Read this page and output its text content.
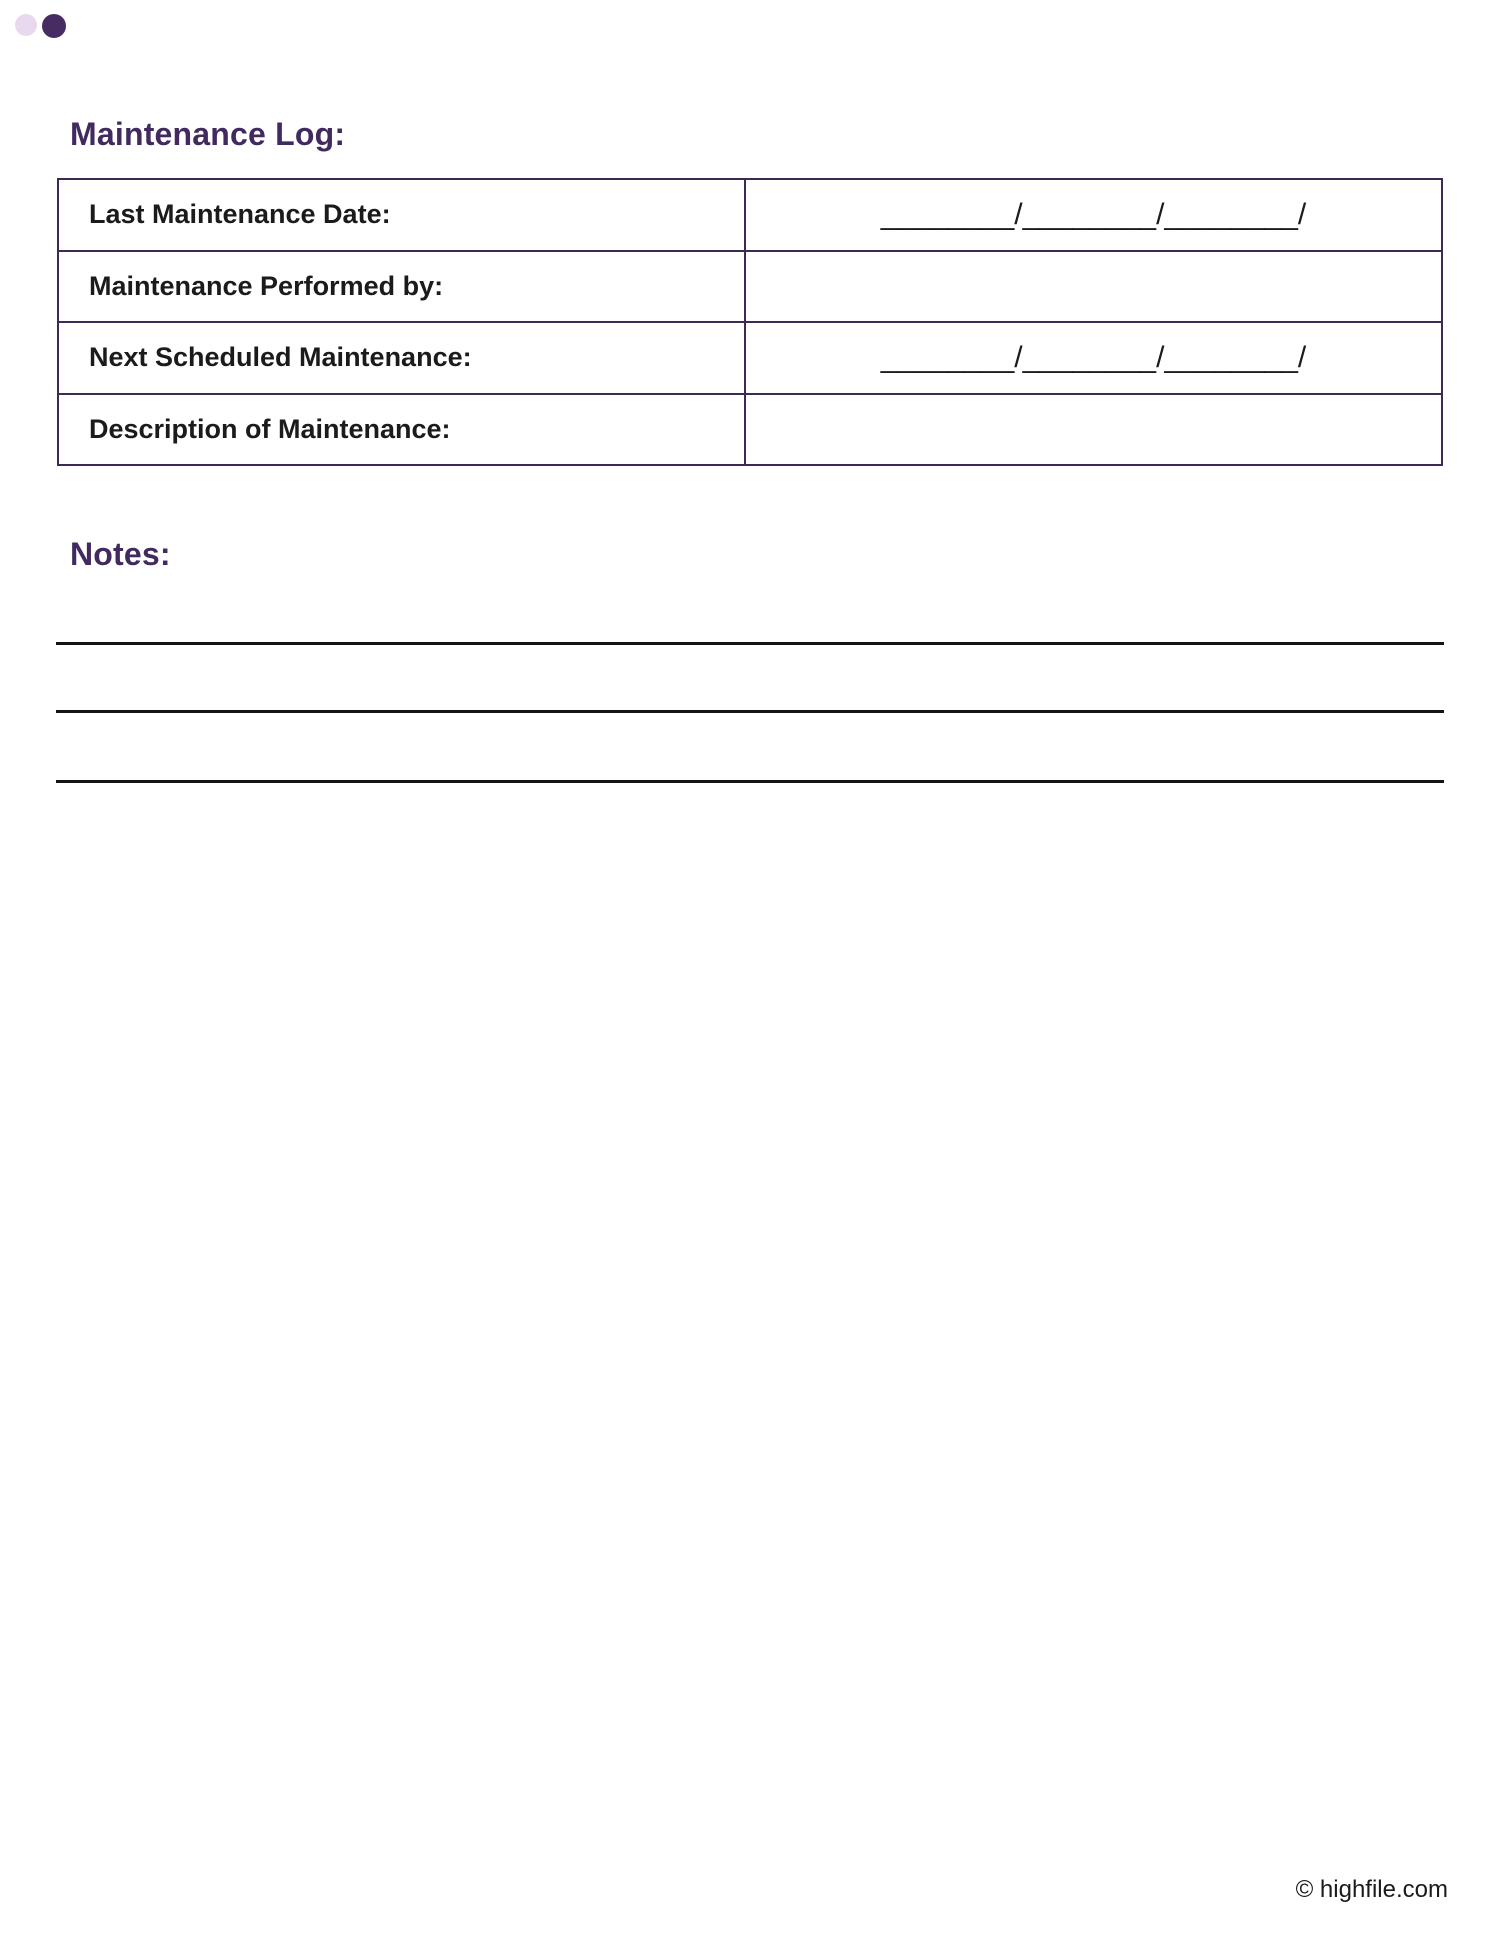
Maintenance Log:
Last Maintenance Date:	________/________/________/
Maintenance Performed by:
Next Scheduled Maintenance:	________/________/________/
Description of Maintenance:
Notes:
© highfile.com
